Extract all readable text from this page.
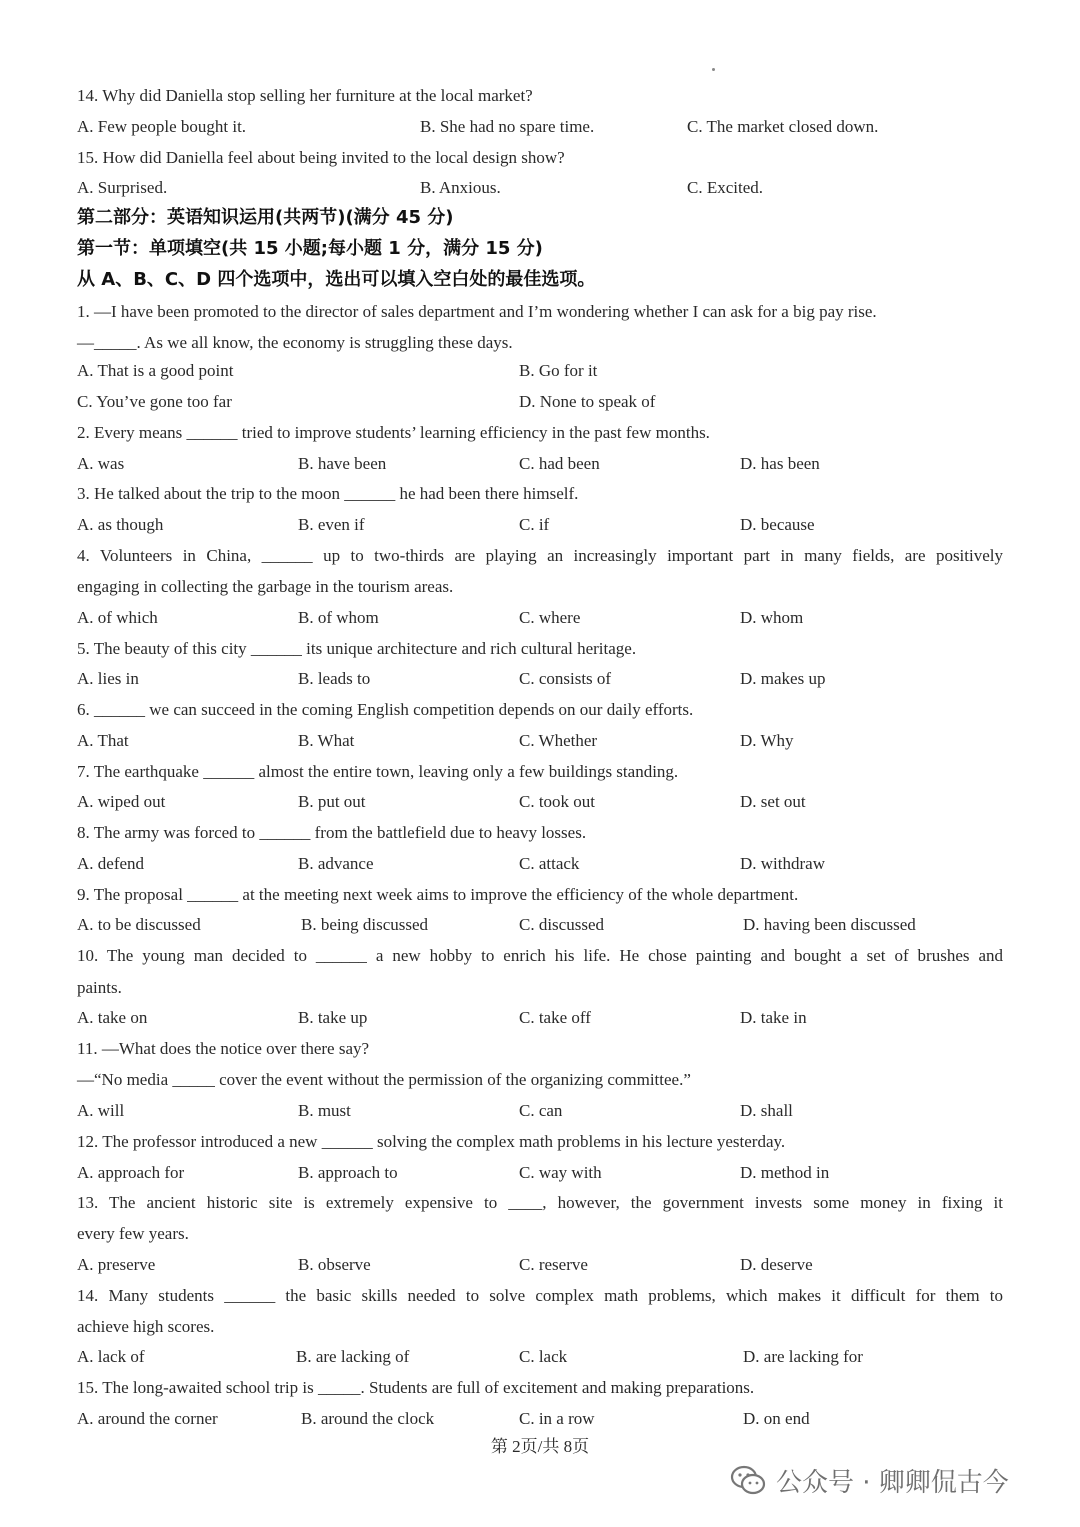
14. Why did Daniella stop selling her furniture at the local market?
A. Few people bought it.	B. She had no spare time.	C. The market closed down.
15. How did Daniella feel about being invited to the local design show?
A. Surprised.	B. Anxious.	C. Excited.
第二部分：英语知识运用(共两节)(满分 45 分)
第一节：单项填空(共 15 小题;每小题 1 分，满分 15 分)
从 A、B、C、D 四个选项中，选出可以填入空白处的最佳选项。
1. —I have been promoted to the director of sales department and I’m wondering whether I can ask for a big pay rise.
—_____. As we all know, the economy is struggling these days.
A. That is a good point	B. Go for it
C. You’ve gone too far	D. None to speak of
2. Every means ______ tried to improve students’ learning efficiency in the past few months.
A. was	B. have been	C. had been	D. has been
3. He talked about the trip to the moon ______ he had been there himself.
A. as though	B. even if	C. if	D. because
4. Volunteers in China, ______ up to two-thirds are playing an increasingly important part in many fields, are positively
engaging in collecting the garbage in the tourism areas.
A. of which	B. of whom	C. where	D. whom
5. The beauty of this city ______ its unique architecture and rich cultural heritage.
A. lies in	B. leads to	C. consists of	D. makes up
6. ______ we can succeed in the coming English competition depends on our daily efforts.
A. That	B. What	C. Whether	D. Why
7. The earthquake ______ almost the entire town, leaving only a few buildings standing.
A. wiped out	B. put out	C. took out	D. set out
8. The army was forced to ______ from the battlefield due to heavy losses.
A. defend	B. advance	C. attack	D. withdraw
9. The proposal ______ at the meeting next week aims to improve the efficiency of the whole department.
A. to be discussed	B. being discussed	C. discussed	D. having been discussed
10. The young man decided to ______ a new hobby to enrich his life. He chose painting and bought a set of brushes and
paints.
A. take on	B. take up	C. take off	D. take in
11. —What does the notice over there say?
—“No media _____ cover the event without the permission of the organizing committee.”
A. will	B. must	C. can	D. shall
12. The professor introduced a new ______ solving the complex math problems in his lecture yesterday.
A. approach for	B. approach to	C. way with	D. method in
13. The ancient historic site is extremely expensive to ____, however, the government invests some money in fixing it
every few years.
A. preserve	B. observe	C. reserve	D. deserve
14. Many students ______ the basic skills needed to solve complex math problems, which makes it difficult for them to
achieve high scores.
A. lack of	B. are lacking of	C. lack	D. are lacking for
15. The long-awaited school trip is _____. Students are full of excitement and making preparations.
A. around the corner	B. around the clock	C. in a row	D. on end
第 2页/共 8页
公众号 · 卿卿侃古今
